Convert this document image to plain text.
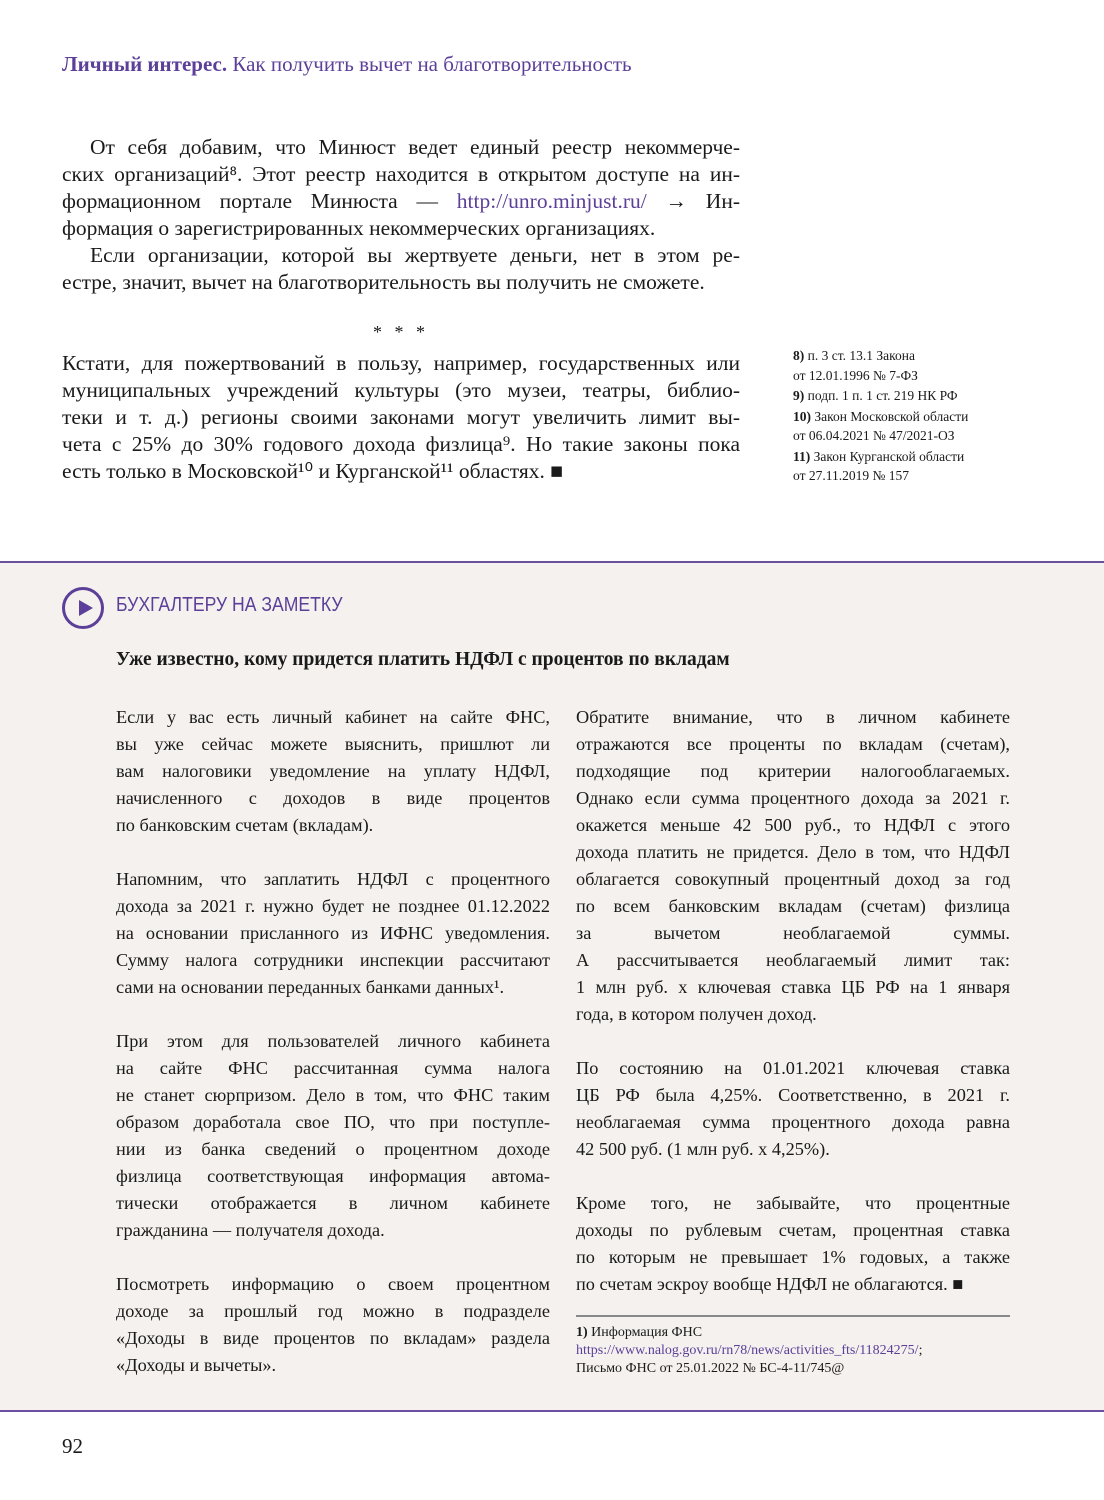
Личный интерес. Как получить вычет на благотворительность
От себя добавим, что Минюст ведет единый реестр некоммерче-
ских организаций⁸. Этот реестр находится в открытом доступе на ин-
формационном портале Минюста — http://unro.minjust.ru/ → Ин-
формация о зарегистрированных некоммерческих организациях.
Если организации, которой вы жертвуете деньги, нет в этом ре-
естре, значит, вычет на благотворительность вы получить не сможете.
* * *
Кстати, для пожертвований в пользу, например, государственных или
муниципальных учреждений культуры (это музеи, театры, библио-
теки и т. д.) регионы своими законами могут увеличить лимит вы-
чета с 25% до 30% годового дохода физлица⁹. Но такие законы пока
есть только в Московской¹⁰ и Курганской¹¹ областях. ■
8) п. 3 ст. 13.1 Закона
от 12.01.1996 № 7-ФЗ
9) подп. 1 п. 1 ст. 219 НК РФ
10) Закон Московской области
от 06.04.2021 № 47/2021-ОЗ
11) Закон Курганской области
от 27.11.2019 № 157
БУХГАЛТЕРУ НА ЗАМЕТКУ
Уже известно, кому придется платить НДФЛ с процентов по вкладам
Если у вас есть личный кабинет на сайте ФНС,
вы уже сейчас можете выяснить, пришлют ли
вам налоговики уведомление на уплату НДФЛ,
начисленного с доходов в виде процентов
по банковским счетам (вкладам).
Напомним, что заплатить НДФЛ с процентного
дохода за 2021 г. нужно будет не позднее 01.12.2022
на основании присланного из ИФНС уведомления.
Сумму налога сотрудники инспекции рассчитают
сами на основании переданных банками данных¹.
При этом для пользователей личного кабинета
на сайте ФНС рассчитанная сумма налога
не станет сюрпризом. Дело в том, что ФНС таким
образом доработала свое ПО, что при поступле-
нии из банка сведений о процентном доходе
физлица соответствующая информация автома-
тически отображается в личном кабинете
гражданина — получателя дохода.
Посмотреть информацию о своем процентном
доходе за прошлый год можно в подразделе
«Доходы в виде процентов по вкладам» раздела
«Доходы и вычеты».
Обратите внимание, что в личном кабинете
отражаются все проценты по вкладам (счетам),
подходящие под критерии налогооблагаемых.
Однако если сумма процентного дохода за 2021 г.
окажется меньше 42 500 руб., то НДФЛ с этого
дохода платить не придется. Дело в том, что НДФЛ
облагается совокупный процентный доход за год
по всем банковским вкладам (счетам) физлица
за вычетом необлагаемой суммы.
А рассчитывается необлагаемый лимит так:
1 млн руб. х ключевая ставка ЦБ РФ на 1 января
года, в котором получен доход.
По состоянию на 01.01.2021 ключевая ставка
ЦБ РФ была 4,25%. Соответственно, в 2021 г.
необлагаемая сумма процентного дохода равна
42 500 руб. (1 млн руб. х 4,25%).
Кроме того, не забывайте, что процентные
доходы по рублевым счетам, процентная ставка
по которым не превышает 1% годовых, а также
по счетам эскроу вообще НДФЛ не облагаются. ■
1) Информация ФНС
https://www.nalog.gov.ru/rn78/news/activities_fts/11824275/;
Письмо ФНС от 25.01.2022 № БС-4-11/745@
92
